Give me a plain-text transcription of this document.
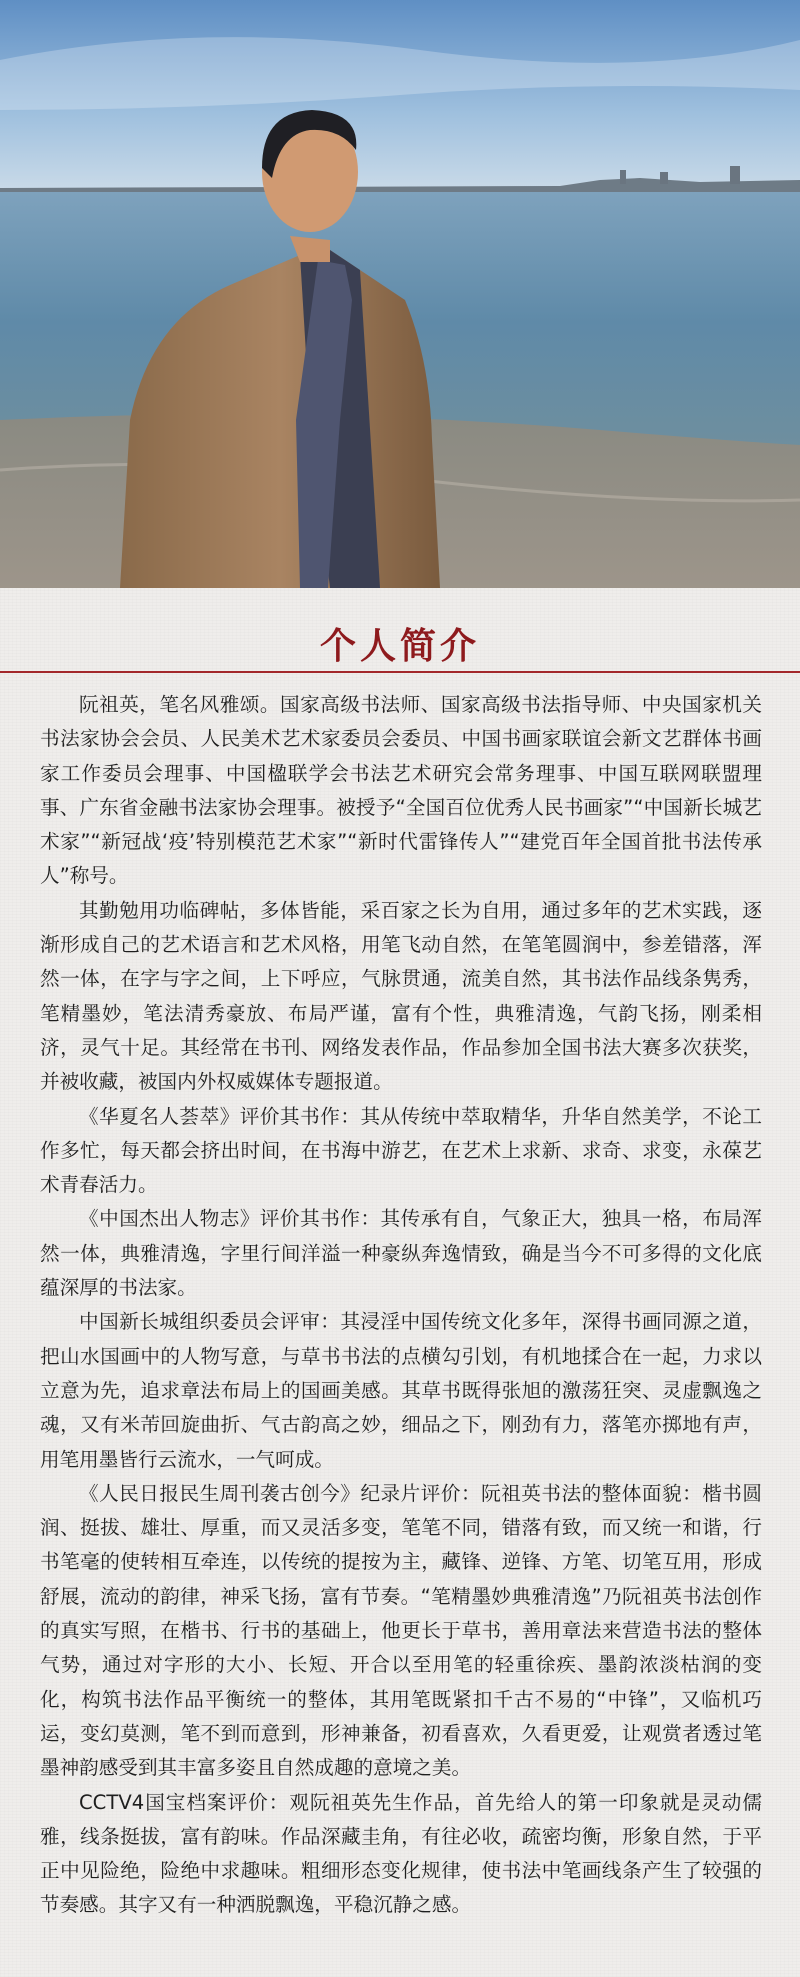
个人简介

阮祖英，笔名风雅颂。国家高级书法师、国家高级书法指导师、中央国家机关书法家协会会员、人民美术艺术家委员会委员、中国书画家联谊会新文艺群体书画家工作委员会理事、中国楹联学会书法艺术研究会常务理事、中国互联网联盟理事、广东省金融书法家协会理事。被授予“全国百位优秀人民书画家”“中国新长城艺术家”“新冠战‘疫’特别模范艺术家”“新时代雷锋传人”“建党百年全国首批书法传承人”称号。

其勤勉用功临碑帖，多体皆能，采百家之长为自用，通过多年的艺术实践，逐渐形成自己的艺术语言和艺术风格，用笔飞动自然，在笔笔圆润中，参差错落，浑然一体，在字与字之间，上下呼应，气脉贯通，流美自然，其书法作品线条隽秀，笔精墨妙，笔法清秀豪放、布局严谨，富有个性，典雅清逸，气韵飞扬，刚柔相济，灵气十足。其经常在书刊、网络发表作品，作品参加全国书法大赛多次获奖，并被收藏，被国内外权威媒体专题报道。

《华夏名人荟萃》评价其书作：其从传统中萃取精华，升华自然美学，不论工作多忙，每天都会挤出时间，在书海中游艺，在艺术上求新、求奇、求变，永葆艺术青春活力。

《中国杰出人物志》评价其书作：其传承有自，气象正大，独具一格，布局浑然一体，典雅清逸，字里行间洋溢一种豪纵奔逸情致，确是当今不可多得的文化底蕴深厚的书法家。

中国新长城组织委员会评审：其浸淫中国传统文化多年，深得书画同源之道，把山水国画中的人物写意，与草书书法的点横勾引划，有机地揉合在一起，力求以立意为先，追求章法布局上的国画美感。其草书既得张旭的激荡狂突、灵虚飘逸之魂，又有米芾回旋曲折、气古韵高之妙，细品之下，刚劲有力，落笔亦掷地有声，用笔用墨皆行云流水，一气呵成。

《人民日报民生周刊袭古创今》纪录片评价：阮祖英书法的整体面貌：楷书圆润、挺拔、雄壮、厚重，而又灵活多变，笔笔不同，错落有致，而又统一和谐，行书笔毫的使转相互牵连，以传统的提按为主，藏锋、逆锋、方笔、切笔互用，形成舒展，流动的韵律，神采飞扬，富有节奏。“笔精墨妙典雅清逸”乃阮祖英书法创作的真实写照，在楷书、行书的基础上，他更长于草书，善用章法来营造书法的整体气势，通过对字形的大小、长短、开合以至用笔的轻重徐疾、墨韵浓淡枯润的变化，构筑书法作品平衡统一的整体，其用笔既紧扣千古不易的“中锋”，又临机巧运，变幻莫测，笔不到而意到，形神兼备，初看喜欢，久看更爱，让观赏者透过笔墨神韵感受到其丰富多姿且自然成趣的意境之美。

CCTV4国宝档案评价：观阮祖英先生作品，首先给人的第一印象就是灵动儒雅，线条挺拔，富有韵味。作品深藏圭角，有往必收，疏密均衡，形象自然，于平正中见险绝，险绝中求趣味。粗细形态变化规律，使书法中笔画线条产生了较强的节奏感。其字又有一种洒脱飘逸，平稳沉静之感。
